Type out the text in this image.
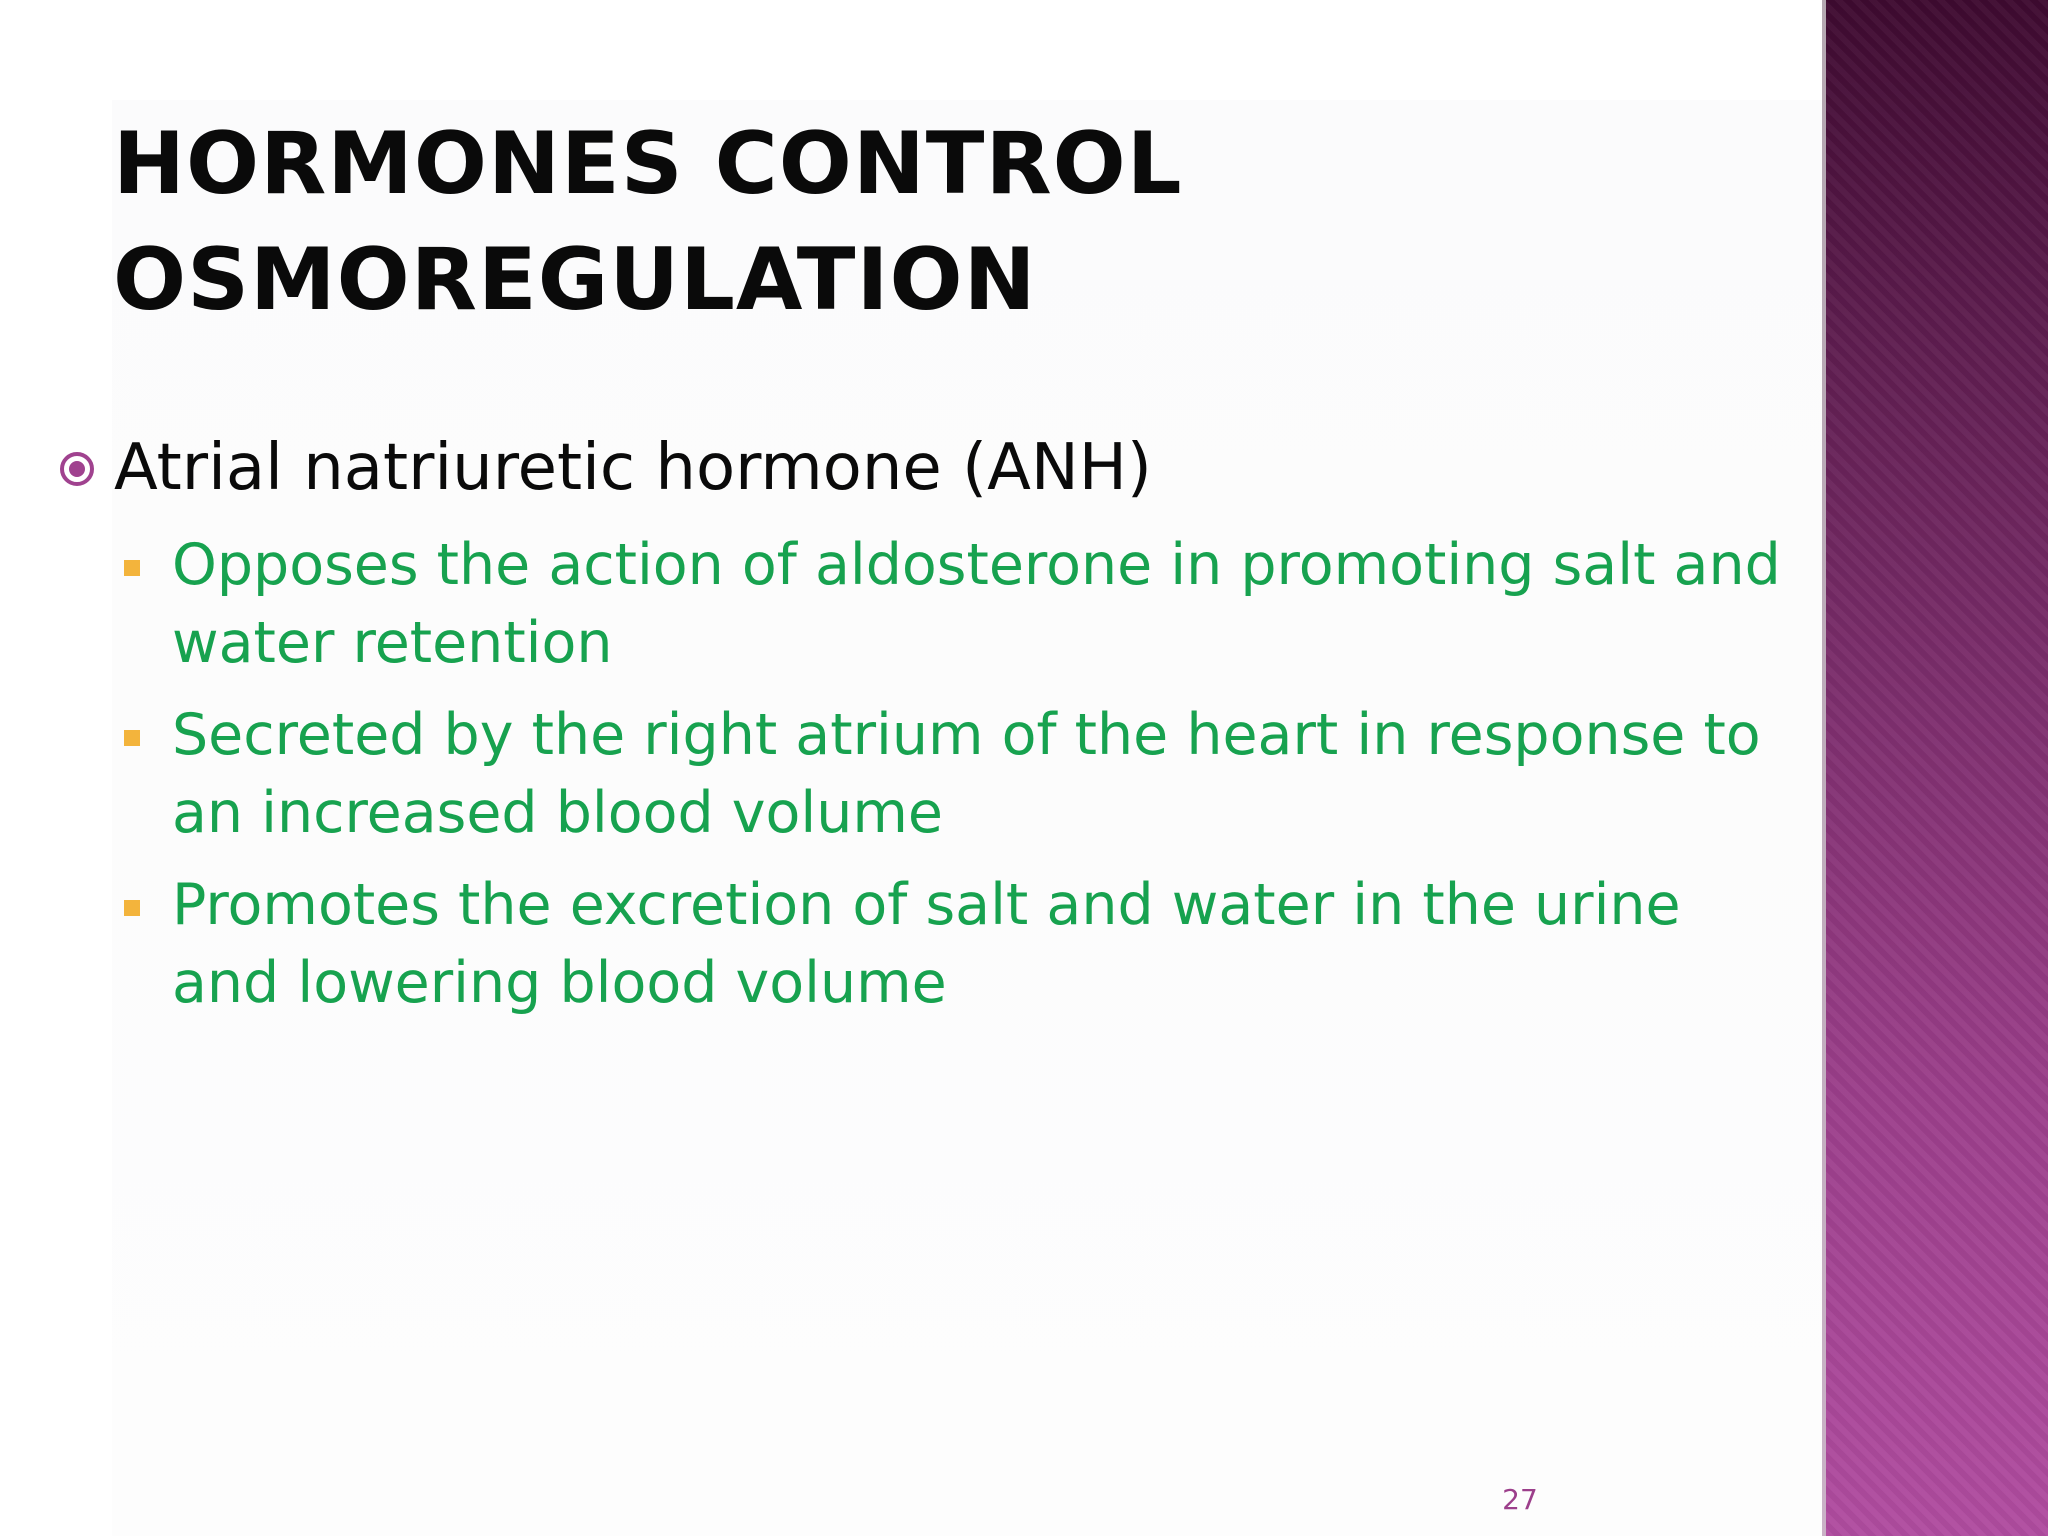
HORMONES CONTROL
OSMOREGULATION
Atrial natriuretic hormone (ANH)
Opposes the action of aldosterone in promoting salt and
water retention
Secreted by the right atrium of the heart in response to
an increased blood volume
Promotes the excretion of salt and water in the urine
and lowering blood volume
27
